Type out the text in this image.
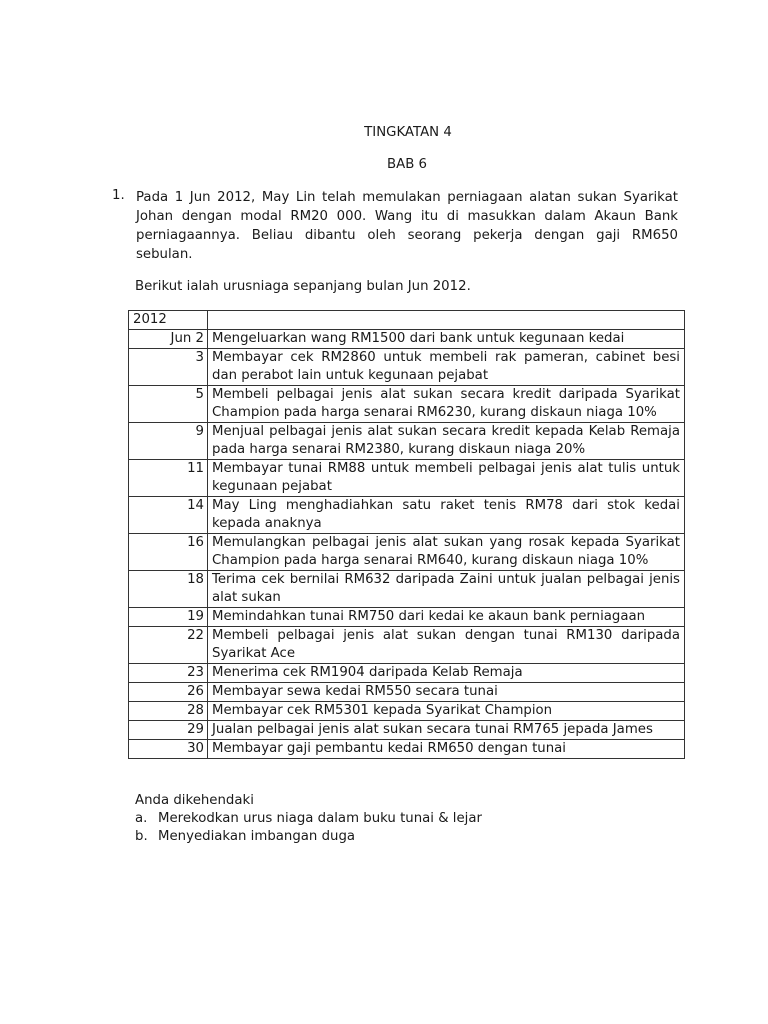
TINGKATAN 4
BAB 6
1. Pada 1 Jun 2012, May Lin telah memulakan perniagaan alatan sukan Syarikat Johan dengan modal RM20 000. Wang itu di masukkan dalam Akaun Bank perniagaannya. Beliau dibantu oleh seorang pekerja dengan gaji RM650 sebulan.
Berikut ialah urusniaga sepanjang bulan Jun 2012.
2012	
Jun 2	Mengeluarkan wang RM1500 dari bank untuk kegunaan kedai
3	Membayar cek RM2860 untuk membeli rak pameran, cabinet besi dan perabot lain untuk kegunaan pejabat
5	Membeli pelbagai jenis alat sukan secara kredit daripada Syarikat Champion pada harga senarai RM6230, kurang diskaun niaga 10%
9	Menjual pelbagai jenis alat sukan secara kredit kepada Kelab Remaja pada harga senarai RM2380, kurang diskaun niaga 20%
11	Membayar tunai RM88 untuk membeli pelbagai jenis alat tulis untuk kegunaan pejabat
14	May Ling menghadiahkan satu raket tenis RM78 dari stok kedai kepada anaknya
16	Memulangkan pelbagai jenis alat sukan yang rosak kepada Syarikat Champion pada harga senarai RM640, kurang diskaun niaga 10%
18	Terima cek bernilai RM632 daripada Zaini untuk jualan pelbagai jenis alat sukan
19	Memindahkan tunai RM750 dari kedai ke akaun bank perniagaan
22	Membeli pelbagai jenis alat sukan dengan tunai RM130 daripada Syarikat Ace
23	Menerima cek RM1904 daripada Kelab Remaja
26	Membayar sewa kedai RM550 secara tunai
28	Membayar cek RM5301 kepada Syarikat Champion
29	Jualan pelbagai jenis alat sukan secara tunai RM765 jepada James
30	Membayar gaji pembantu kedai RM650 dengan tunai
Anda dikehendaki
a. Merekodkan urus niaga dalam buku tunai & lejar
b. Menyediakan imbangan duga
